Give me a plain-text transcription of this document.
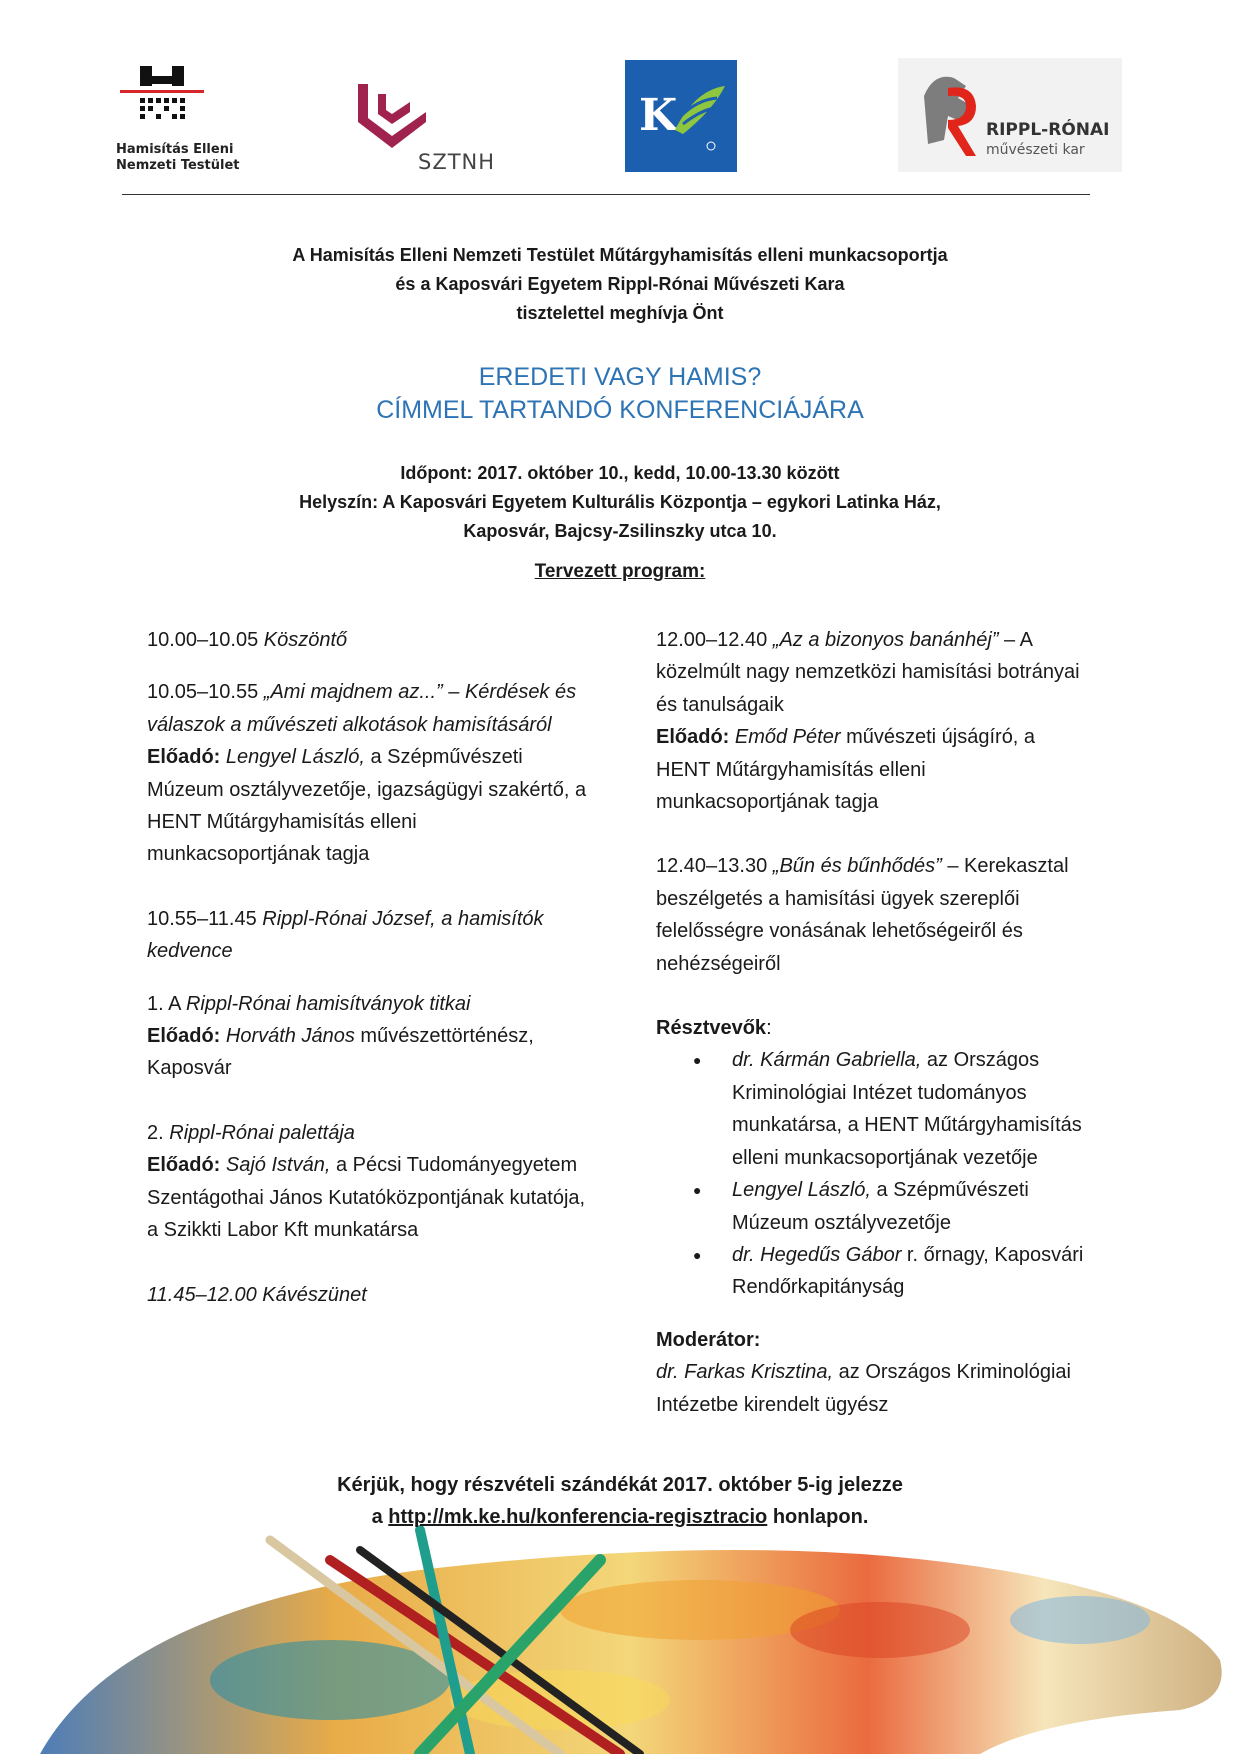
Hamisítás Elleni
Nemzeti Testület	SZTNH
K	RIPPL-RÓNAI
művészeti kar
A Hamisítás Elleni Nemzeti Testület Műtárgyhamisítás elleni munkacsoportja
és a Kaposvári Egyetem Rippl-Rónai Művészeti Kara
tisztelettel meghívja Önt
EREDETI VAGY HAMIS?
CÍMMEL TARTANDÓ KONFERENCIÁJÁRA
Időpont: 2017. október 10., kedd, 10.00-13.30 között
Helyszín: A Kaposvári Egyetem Kulturális Központja – egykori Latinka Ház,
Kaposvár, Bajcsy-Zsilinszky utca 10.
Tervezett program:

10.00–10.05 Köszöntő

10.05–10.55 „Ami majdnem az...” – Kérdések és válaszok a művészeti alkotások hamisításáról
Előadó: Lengyel László, a Szépművészeti Múzeum osztályvezetője, igazságügyi szakértő, a HENT Műtárgyhamisítás elleni munkacsoportjának tagja

10.55–11.45 Rippl-Rónai József, a hamisítók kedvence

1. A Rippl-Rónai hamisítványok titkai
Előadó: Horváth János művészettörténész, Kaposvár

2. Rippl-Rónai palettája
Előadó: Sajó István, a Pécsi Tudományegyetem Szentágothai János Kutatóközpontjának kutatója, a Szikkti Labor Kft munkatársa

11.45–12.00 Kávészünet

12.00–12.40 „Az a bizonyos banánhéj” – A közelmúlt nagy nemzetközi hamisítási botrányai és tanulságaik
Előadó: Emőd Péter művészeti újságíró, a HENT Műtárgyhamisítás elleni munkacsoportjának tagja

12.40–13.30 „Bűn és bűnhődés” – Kerekasztal beszélgetés a hamisítási ügyek szereplői felelősségre vonásának lehetőségeiről és nehézségeiről

Résztvevők:

● dr. Kármán Gabriella, az Országos Kriminológiai Intézet tudományos munkatársa, a HENT Műtárgyhamisítás elleni munkacsoportjának vezetője
● Lengyel László, a Szépművészeti Múzeum osztályvezetője
● dr. Hegedűs Gábor r. őrnagy, Kaposvári Rendőrkapitányság

Moderátor:
dr. Farkas Krisztina, az Országos Kriminológiai Intézetbe kirendelt ügyész

Kérjük, hogy részvételi szándékát 2017. október 5-ig jelezze
a http://mk.ke.hu/konferencia-regisztracio honlapon.
